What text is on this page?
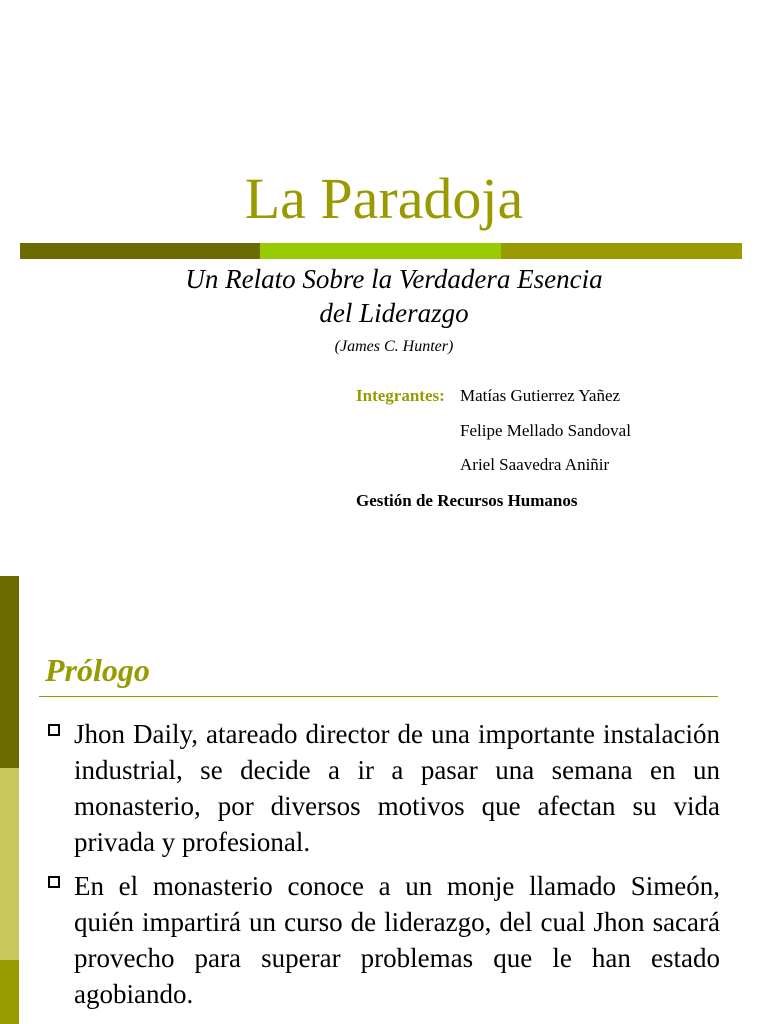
La Paradoja
Un Relato Sobre la Verdadera Esencia
del Liderazgo
(James C. Hunter)
Integrantes: Matías Gutierrez Yañez
Felipe Mellado Sandoval
Ariel Saavedra Aniñir
Gestión de Recursos Humanos
Prólogo
Jhon Daily, atareado director de una importante instalación industrial, se decide a ir a pasar una semana en un monasterio, por diversos motivos que afectan su vida privada y profesional.
En el monasterio conoce a un monje llamado Simeón, quién impartirá un curso de liderazgo, del cual Jhon sacará provecho para superar problemas que le han estado agobiando.
